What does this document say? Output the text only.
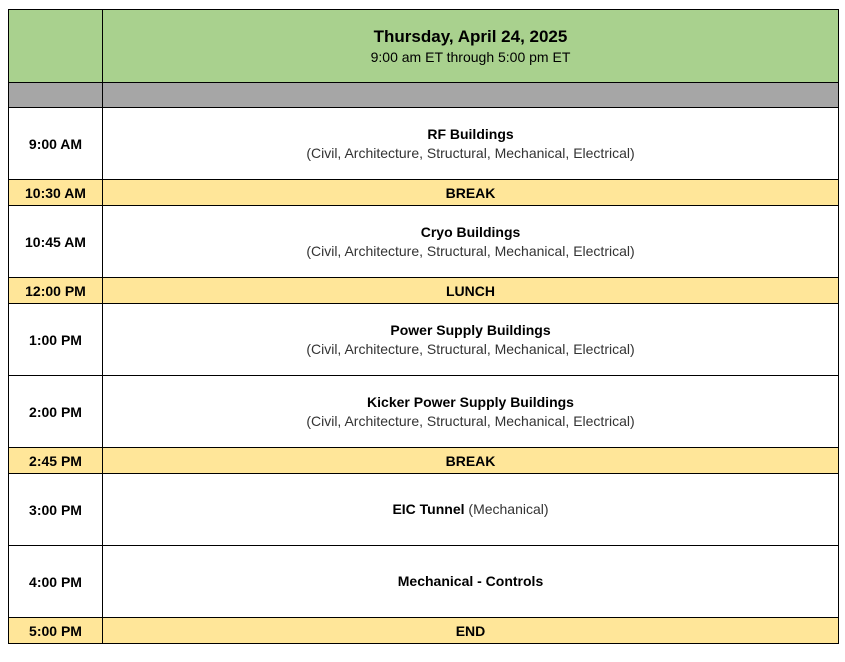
	Thursday, April 24, 2025
9:00 am ET through 5:00 pm ET

9:00 AM	RF Buildings
(Civil, Architecture, Structural, Mechanical, Electrical)

10:30 AM	BREAK
10:45 AM	Cryo Buildings
(Civil, Architecture, Structural, Mechanical, Electrical)

12:00 PM	LUNCH
1:00 PM	Power Supply Buildings
(Civil, Architecture, Structural, Mechanical, Electrical)

2:00 PM	Kicker Power Supply Buildings
(Civil, Architecture, Structural, Mechanical, Electrical)

2:45 PM	BREAK
3:00 PM	EIC Tunnel (Mechanical)

4:00 PM	Mechanical - Controls

5:00 PM	END
